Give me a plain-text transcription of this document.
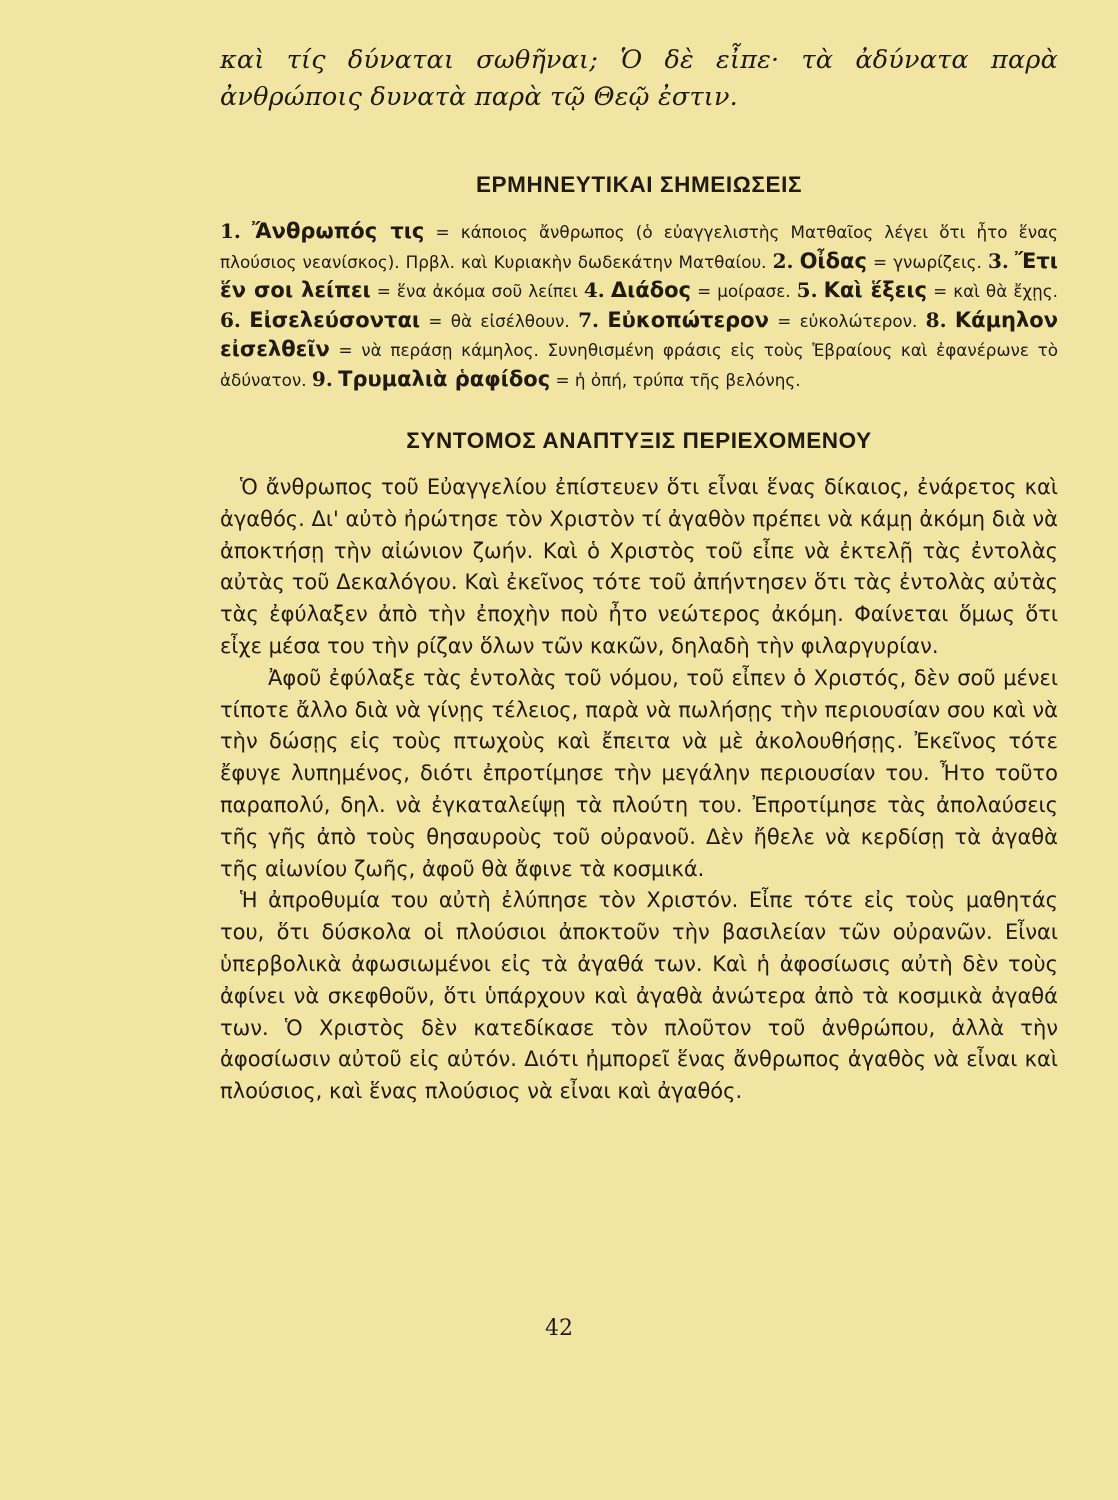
καὶ τίς δύναται σωθῆναι; Ὁ δὲ εἶπε· τὰ ἀδύνατα παρὰ ἀνθρώποις δυνατὰ παρὰ τῷ Θεῷ ἐστιν.

ΕΡΜΗΝΕΥΤΙΚΑΙ ΣΗΜΕΙΩΣΕΙΣ

1. Ἄνθρωπός τις = κάποιος ἄνθρωπος (ὁ εὐαγγελιστὴς Ματθαῖος λέγει ὅτι ἦτο ἕνας πλούσιος νεανίσκος). Πρβλ. καὶ Κυριακὴν δωδεκάτην Ματθαίου. 2. Οἶδας = γνωρίζεις. 3. Ἔτι ἕν σοι λείπει = ἕνα ἀκόμα σοῦ λείπει 4. Διάδος = μοίρασε. 5. Καὶ ἕξεις = καὶ θὰ ἔχῃς. 6. Εἰσελεύσονται = θὰ εἰσέλθουν. 7. Εὐκοπώτερον = εὐκολώτερον. 8. Κάμηλον εἰσελθεῖν = νὰ περάσῃ κάμηλος. Συνηθισμένη φράσις εἰς τοὺς Ἑβραίους καὶ ἐφανέρωνε τὸ ἀδύνατον. 9. Τρυμαλιὰ ῥαφίδος = ἡ ὀπή, τρύπα τῆς βελόνης.

ΣΥΝΤΟΜΟΣ ΑΝΑΠΤΥΞΙΣ ΠΕΡΙΕΧΟΜΕΝΟΥ

Ὁ ἄνθρωπος τοῦ Εὐαγγελίου ἐπίστευεν ὅτι εἶναι ἕνας δίκαιος, ἐνάρετος καὶ ἀγαθός. Δι' αὐτὸ ἠρώτησε τὸν Χριστὸν τί ἀγαθὸν πρέπει νὰ κάμῃ ἀκόμη διὰ νὰ ἀποκτήσῃ τὴν αἰώνιον ζωήν. Καὶ ὁ Χριστὸς τοῦ εἶπε νὰ ἐκτελῇ τὰς ἐντολὰς αὐτὰς τοῦ Δεκαλόγου. Καὶ ἐκεῖνος τότε τοῦ ἀπήντησεν ὅτι τὰς ἐντολὰς αὐτὰς τὰς ἐφύλαξεν ἀπὸ τὴν ἐποχὴν ποὺ ἦτο νεώτερος ἀκόμη. Φαίνεται ὅμως ὅτι εἶχε μέσα του τὴν ρίζαν ὅλων τῶν κακῶν, δηλαδὴ τὴν φιλαργυρίαν.

Ἀφοῦ ἐφύλαξε τὰς ἐντολὰς τοῦ νόμου, τοῦ εἶπεν ὁ Χριστός, δὲν σοῦ μένει τίποτε ἄλλο διὰ νὰ γίνῃς τέλειος, παρὰ νὰ πωλήσῃς τὴν περιουσίαν σου καὶ νὰ τὴν δώσῃς εἰς τοὺς πτωχοὺς καὶ ἔπειτα νὰ μὲ ἀκολουθήσῃς. Ἐκεῖνος τότε ἔφυγε λυπημένος, διότι ἐπροτίμησε τὴν μεγάλην περιουσίαν του. Ἦτο τοῦτο παραπολύ, δηλ. νὰ ἐγκαταλείψῃ τὰ πλούτη του. Ἐπροτίμησε τὰς ἀπολαύσεις τῆς γῆς ἀπὸ τοὺς θησαυροὺς τοῦ οὐρανοῦ. Δὲν ἤθελε νὰ κερδίσῃ τὰ ἀγαθὰ τῆς αἰωνίου ζωῆς, ἀφοῦ θὰ ἄφινε τὰ κοσμικά.

Ἡ ἀπροθυμία του αὐτὴ ἐλύπησε τὸν Χριστόν. Εἶπε τότε εἰς τοὺς μαθητάς του, ὅτι δύσκολα οἱ πλούσιοι ἀποκτοῦν τὴν βασιλείαν τῶν οὐρανῶν. Εἶναι ὑπερβολικὰ ἀφωσιωμένοι εἰς τὰ ἀγαθά των. Καὶ ἡ ἀφοσίωσις αὐτὴ δὲν τοὺς ἀφίνει νὰ σκεφθοῦν, ὅτι ὑπάρχουν καὶ ἀγαθὰ ἀνώτερα ἀπὸ τὰ κοσμικὰ ἀγαθά των. Ὁ Χριστὸς δὲν κατεδίκασε τὸν πλοῦτον τοῦ ἀνθρώπου, ἀλλὰ τὴν ἀφοσίωσιν αὐτοῦ εἰς αὐτόν. Διότι ἠμπορεῖ ἕνας ἄνθρωπος ἀγαθὸς νὰ εἶναι καὶ πλούσιος, καὶ ἕνας πλούσιος νὰ εἶναι καὶ ἀγαθός.

42
